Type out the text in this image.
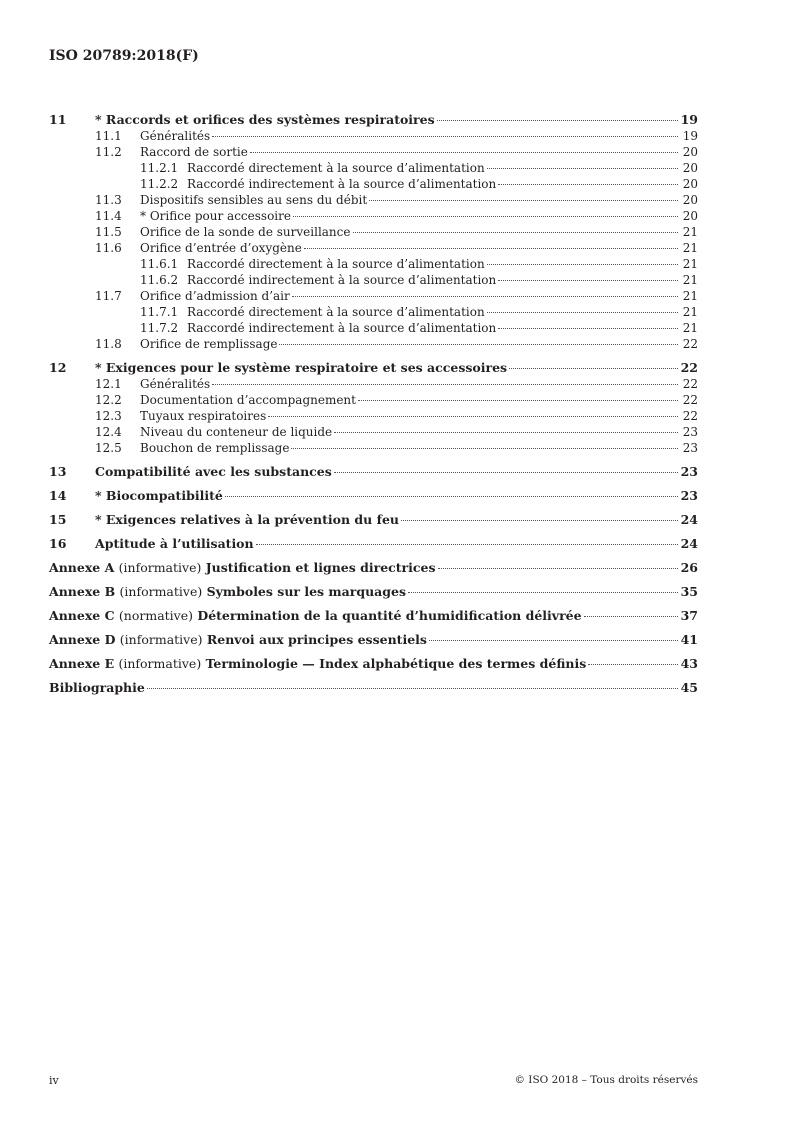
ISO 20789:2018(F)
11	* Raccords et orifices des systèmes respiratoires	19
11.1	Généralités	19
11.2	Raccord de sortie	20
11.2.1 Raccordé directement à la source d’alimentation	20
11.2.2 Raccordé indirectement à la source d’alimentation	20
11.3	Dispositifs sensibles au sens du débit	20
11.4	* Orifice pour accessoire	20
11.5	Orifice de la sonde de surveillance	21
11.6	Orifice d’entrée d’oxygène	21
11.6.1 Raccordé directement à la source d’alimentation	21
11.6.2 Raccordé indirectement à la source d’alimentation	21
11.7	Orifice d’admission d’air	21
11.7.1 Raccordé directement à la source d’alimentation	21
11.7.2 Raccordé indirectement à la source d’alimentation	21
11.8	Orifice de remplissage	22
12	* Exigences pour le système respiratoire et ses accessoires	22
12.1	Généralités	22
12.2	Documentation d’accompagnement	22
12.3	Tuyaux respiratoires	22
12.4	Niveau du conteneur de liquide	23
12.5	Bouchon de remplissage	23
13	Compatibilité avec les substances	23
14	* Biocompatibilité	23
15	* Exigences relatives à la prévention du feu	24
16	Aptitude à l’utilisation	24
Annexe A (informative) Justification et lignes directrices	26
Annexe B (informative) Symboles sur les marquages	35
Annexe C (normative) Détermination de la quantité d’humidification délivrée	37
Annexe D (informative) Renvoi aux principes essentiels	41
Annexe E (informative) Terminologie — Index alphabétique des termes définis	43
Bibliographie	45
iv	© ISO 2018 – Tous droits réservés
